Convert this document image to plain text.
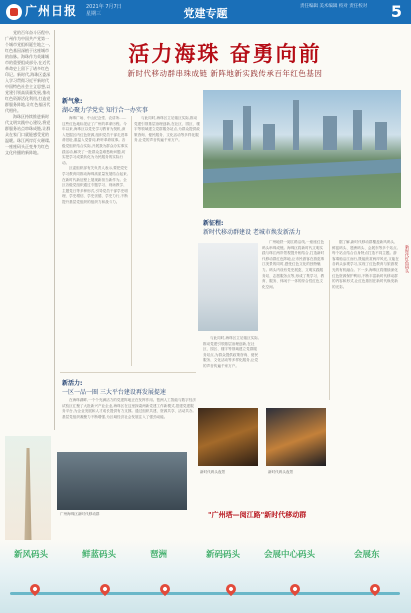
广州日报 2021年 7月7日 星期三	党建专题
责任编辑 美术编辑 校对 责任校对	5

党的百年奋斗历程中,广州作为中国共产党第一个城市党组织诞生地之一,红色基因深植于这座城市的血脉。海珠作为英雄城市的重要组成部分,在近代革命史上留下了诸多红色印记。新时代,海珠区委深入学习贯彻习近平新时代中国特色社会主义思想,以党建引领高质量发展,推动红色资源活化利用,打造党群服务阵地,让红色基因代代相传。

海珠区持续推进新时代文明实践中心建设,将党群服务站点串珠成链,让群众在家门口就能感受党的温暖。珠江两岸灯火璀璨,一座座码头正变身为红色文化传播的新阵地。

活力海珠 奋勇向前
新时代移动群串珠成链 新阵地新实践传承百年红色基因
新气象:
湖心聚力学党史 知行合一办实事

海珠广场、中山纪念堂、农讲所……这些红色地标见证了广州的革命历程。今年以来,海珠区以党史学习教育为契机,深入挖掘区内红色资源,组织党员干部走进革命旧址,重温入党誓词,聆听革命故事。各级党组织结合实际,开展我为群众办实事实践活动,解决了一批群众急难愁盼问题,切实把学习成果转化为为民服务的实际行动。

区委组织部有关负责人表示,要把党史学习教育同推动海珠高质量发展结合起来,在新时代新征程上展现新担当新作为。全区各级党组织通过专题学习、现场教学、主题党日等多种形式,引导党员干部学史明理、学史增信、学史崇德、学史力行,不断提升基层党组织的组织力和战斗力。

与此同时,海珠区立足辖区实际,推动党建引领基层治理创新,在社区、园区、楼宇等领域建立党群服务站点,为群众提供政策咨询、便民服务、文化活动等多样化服务,让党的声音传遍千家万户。

新征程:
新时代移动群建设 老城市焕发新活力

广州地铁一阅江路沿线,一座座红色码头串珠成链。海珠区将新时代文明实践与珠江两岸景观提升相结合,打造新时代移动群红色阵地,让市民游客在游览珠江美景的同时,感受红色文化的独特魅力。码头内设有党史展览、文明实践服务站、志愿服务点等,形成了集学习、教育、服务、休闲于一体的综合性红色文化空间。

据了解,新时代移动群覆盖新风码头、鲜蓝码头、琶洲码头、会展东等多个站点,每个站点结合自身特点打造不同主题。游客乘船沿江而行,既能欣赏两岸风光,又能在各码头参观学习,实现了红色教育与旅游观光的有机融合。下一步,海珠区将继续深化红色资源保护利用,不断丰富新时代移动群的内容和形式,让红色基因在新时代焕发新的光彩。

与此同时,海珠区立足辖区实际,推动党建引领基层治理创新,在社区、园区、楼宇等领域建立党群服务站点,为群众提供政策咨询、便民服务、文化活动等多样化服务,让党的声音传遍千家万户。

新时代码头夜景	新时代码头夜景
新活力:
一区一品一圈 三大平台建设再发展提速

在海珠湖畔,一个个充满活力的党建阵地正在发挥作用。琶洲人工智能与数字经济试验区汇聚了大批新兴产业企业,海珠区在这里探索两新党建工作新模式,搭建党建服务平台,为企业发展和人才成长提供有力支撑。通过组织共建、资源共享、活动共办,基层党组织凝聚力不断增强,为区域经济社会发展注入了强劲动能。

广州海珠区新时代移动群	"广州塔—阅江路"新时代移动群
新风码头	鲜蓝码头	琶洲	新码码头	会展中心码头	会展东
新时代红色码头
